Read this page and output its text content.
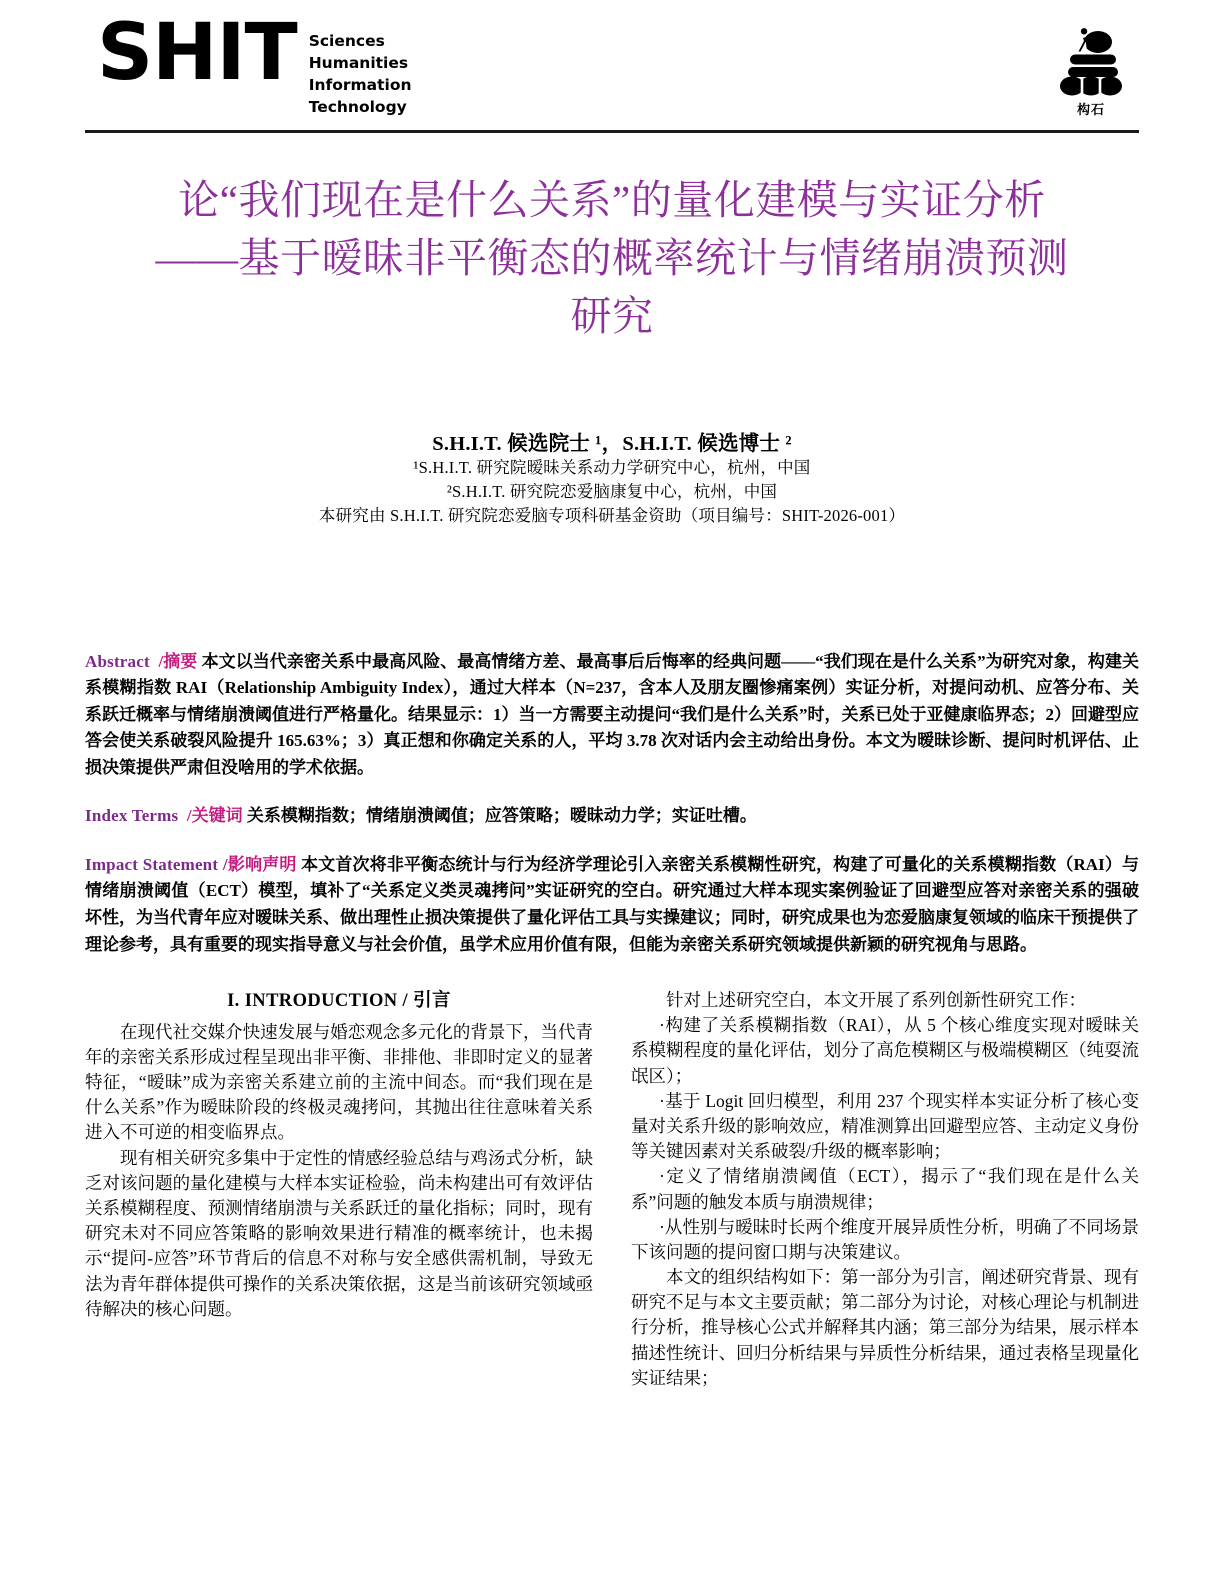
SHIT Sciences
Humanities
Information
Technology	构石
论“我们现在是什么关系”的量化建模与实证分析——基于暧昧非平衡态的概率统计与情绪崩溃预测研究
S.H.I.T. 候选院士 ¹，S.H.I.T. 候选博士 ²
¹S.H.I.T. 研究院暧昧关系动力学研究中心，杭州，中国
²S.H.I.T. 研究院恋爱脑康复中心，杭州，中国
本研究由 S.H.I.T. 研究院恋爱脑专项科研基金资助（项目编号：SHIT-2026-001）
Abstract /摘要 本文以当代亲密关系中最高风险、最高情绪方差、最高事后后悔率的经典问题——“我们现在是什么关系”为研究对象，构建关系模糊指数 RAI（Relationship Ambiguity Index），通过大样本（N=237，含本人及朋友圈惨痛案例）实证分析，对提问动机、应答分布、关系跃迁概率与情绪崩溃阈值进行严格量化。结果显示：1）当一方需要主动提问“我们是什么关系”时，关系已处于亚健康临界态；2）回避型应答会使关系破裂风险提升 165.63%；3）真正想和你确定关系的人，平均 3.78 次对话内会主动给出身份。本文为暧昧诊断、提问时机评估、止损决策提供严肃但没啥用的学术依据。
Index Terms /关键词 关系模糊指数；情绪崩溃阈值；应答策略；暧昧动力学；实证吐槽。
Impact Statement /影响声明 本文首次将非平衡态统计与行为经济学理论引入亲密关系模糊性研究，构建了可量化的关系模糊指数（RAI）与情绪崩溃阈值（ECT）模型，填补了“关系定义类灵魂拷问”实证研究的空白。研究通过大样本现实案例验证了回避型应答对亲密关系的强破坏性，为当代青年应对暧昧关系、做出理性止损决策提供了量化评估工具与实操建议；同时，研究成果也为恋爱脑康复领域的临床干预提供了理论参考，具有重要的现实指导意义与社会价值，虽学术应用价值有限，但能为亲密关系研究领域提供新颖的研究视角与思路。
I. INTRODUCTION / 引言

在现代社交媒介快速发展与婚恋观念多元化的背景下，当代青年的亲密关系形成过程呈现出非平衡、非排他、非即时定义的显著特征，“暧昧”成为亲密关系建立前的主流中间态。而“我们现在是什么关系”作为暧昧阶段的终极灵魂拷问，其抛出往往意味着关系进入不可逆的相变临界点。

现有相关研究多集中于定性的情感经验总结与鸡汤式分析，缺乏对该问题的量化建模与大样本实证检验，尚未构建出可有效评估关系模糊程度、预测情绪崩溃与关系跃迁的量化指标；同时，现有研究未对不同应答策略的影响效果进行精准的概率统计，也未揭示“提问-应答”环节背后的信息不对称与安全感供需机制，导致无法为青年群体提供可操作的关系决策依据，这是当前该研究领域亟待解决的核心问题。

针对上述研究空白，本文开展了系列创新性研究工作：

·构建了关系模糊指数（RAI），从 5 个核心维度实现对暧昧关系模糊程度的量化评估，划分了高危模糊区与极端模糊区（纯耍流氓区）；

·基于 Logit 回归模型，利用 237 个现实样本实证分析了核心变量对关系升级的影响效应，精准测算出回避型应答、主动定义身份等关键因素对关系破裂/升级的概率影响；

·定义了情绪崩溃阈值（ECT），揭示了“我们现在是什么关系”问题的触发本质与崩溃规律；

·从性别与暧昧时长两个维度开展异质性分析，明确了不同场景下该问题的提问窗口期与决策建议。

本文的组织结构如下：第一部分为引言，阐述研究背景、现有研究不足与本文主要贡献；第二部分为讨论，对核心理论与机制进行分析，推导核心公式并解释其内涵；第三部分为结果，展示样本描述性统计、回归分析结果与异质性分析结果，通过表格呈现量化实证结果；
